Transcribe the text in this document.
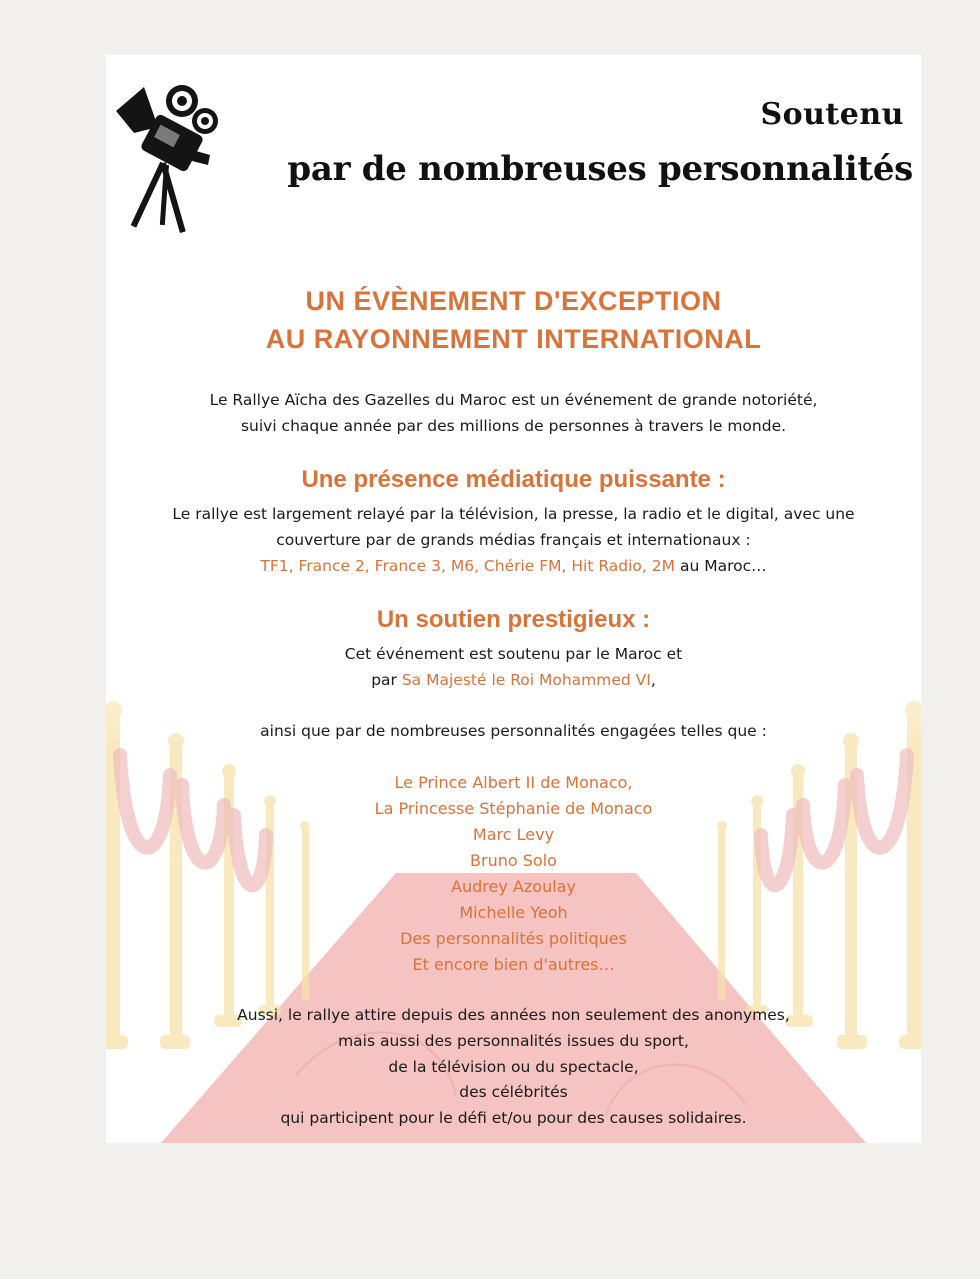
Soutenu
par de nombreuses personnalités
UN ÉVÈNEMENT D'EXCEPTION
AU RAYONNEMENT INTERNATIONAL
Le Rallye Aïcha des Gazelles du Maroc est un événement de grande notoriété,
suivi chaque année par des millions de personnes à travers le monde.
Une présence médiatique puissante :
Le rallye est largement relayé par la télévision, la presse, la radio et le digital, avec une
couverture par de grands médias français et internationaux :
TF1, France 2, France 3, M6, Chérie FM, Hit Radio, 2M au Maroc…
Un soutien prestigieux :
Cet événement est soutenu par le Maroc et
par Sa Majesté le Roi Mohammed VI,
ainsi que par de nombreuses personnalités engagées telles que :
Le Prince Albert II de Monaco,
La Princesse Stéphanie de Monaco
Marc Levy
Bruno Solo
Audrey Azoulay
Michelle Yeoh
Des personnalités politiques
Et encore bien d'autres…
Aussi, le rallye attire depuis des années non seulement des anonymes,
mais aussi des personnalités issues du sport,
de la télévision ou du spectacle,
des célébrités
qui participent pour le défi et/ou pour des causes solidaires.
